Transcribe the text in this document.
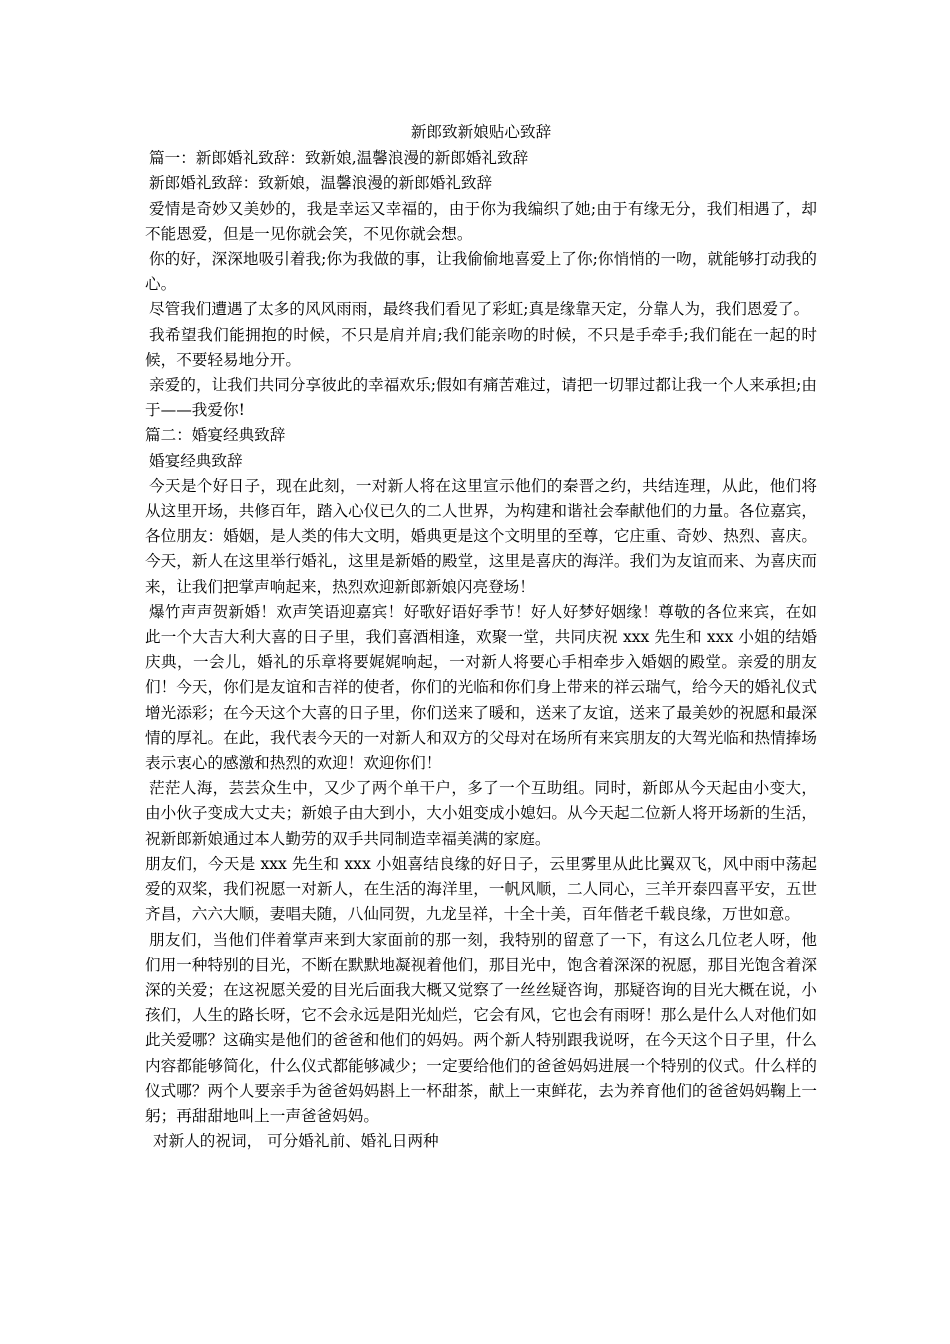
新郎致新娘贴心致辞

篇一：新郎婚礼致辞：致新娘,温馨浪漫的新郎婚礼致辞

新郎婚礼致辞：致新娘，温馨浪漫的新郎婚礼致辞

爱情是奇妙又美妙的，我是幸运又幸福的，由于你为我编织了她;由于有缘无分，我们相遇了，却不能恩爱，但是一见你就会笑，不见你就会想。

你的好，深深地吸引着我;你为我做的事，让我偷偷地喜爱上了你;你悄悄的一吻，就能够打动我的心。

尽管我们遭遇了太多的风风雨雨，最终我们看见了彩虹;真是缘靠天定，分靠人为，我们恩爱了。

我希望我们能拥抱的时候，不只是肩并肩;我们能亲吻的时候，不只是手牵手;我们能在一起的时候，不要轻易地分开。

亲爱的，让我们共同分享彼此的幸福欢乐;假如有痛苦难过，请把一切罪过都让我一个人来承担;由于——我爱你!

篇二：婚宴经典致辞

婚宴经典致辞

今天是个好日子，现在此刻，一对新人将在这里宣示他们的秦晋之约，共结连理，从此，他们将从这里开场，共修百年，踏入心仪已久的二人世界，为构建和谐社会奉献他们的力量。各位嘉宾，各位朋友：婚姻，是人类的伟大文明，婚典更是这个文明里的至尊，它庄重、奇妙、热烈、喜庆。今天，新人在这里举行婚礼，这里是新婚的殿堂，这里是喜庆的海洋。我们为友谊而来、为喜庆而来，让我们把掌声响起来，热烈欢迎新郎新娘闪亮登场！

爆竹声声贺新婚！欢声笑语迎嘉宾！好歌好语好季节！好人好梦好姻缘！尊敬的各位来宾，在如此一个大吉大利大喜的日子里，我们喜酒相逢，欢聚一堂，共同庆祝 xxx 先生和 xxx 小姐的结婚庆典，一会儿，婚礼的乐章将要娓娓响起，一对新人将要心手相牵步入婚姻的殿堂。亲爱的朋友们！今天，你们是友谊和吉祥的使者，你们的光临和你们身上带来的祥云瑞气，给今天的婚礼仪式增光添彩；在今天这个大喜的日子里，你们送来了暖和，送来了友谊，送来了最美妙的祝愿和最深情的厚礼。在此，我代表今天的一对新人和双方的父母对在场所有来宾朋友的大驾光临和热情捧场表示衷心的感激和热烈的欢迎！欢迎你们！

茫茫人海，芸芸众生中，又少了两个单干户，多了一个互助组。同时，新郎从今天起由小变大，由小伙子变成大丈夫；新娘子由大到小，大小姐变成小媳妇。从今天起二位新人将开场新的生活，祝新郎新娘通过本人勤劳的双手共同制造幸福美满的家庭。

朋友们，今天是 xxx 先生和 xxx 小姐喜结良缘的好日子，云里雾里从此比翼双飞，风中雨中荡起爱的双桨，我们祝愿一对新人，在生活的海洋里，一帆风顺，二人同心，三羊开泰四喜平安，五世齐昌，六六大顺，妻唱夫随，八仙同贺，九龙呈祥，十全十美，百年偕老千载良缘，万世如意。

朋友们，当他们伴着掌声来到大家面前的那一刻，我特别的留意了一下，有这么几位老人呀，他们用一种特别的目光，不断在默默地凝视着他们，那目光中，饱含着深深的祝愿，那目光饱含着深深的关爱；在这祝愿关爱的目光后面我大概又觉察了一丝丝疑咨询，那疑咨询的目光大概在说，小孩们，人生的路长呀，它不会永远是阳光灿烂，它会有风，它也会有雨呀！那么是什么人对他们如此关爱哪？这确实是他们的爸爸和他们的妈妈。两个新人特别跟我说呀，在今天这个日子里，什么内容都能够简化，什么仪式都能够减少；一定要给他们的爸爸妈妈进展一个特别的仪式。什么样的仪式哪？两个人要亲手为爸爸妈妈斟上一杯甜茶，献上一束鲜花，去为养育他们的爸爸妈妈鞠上一躬；再甜甜地叫上一声爸爸妈妈。

对新人的祝词， 可分婚礼前、婚礼日两种
